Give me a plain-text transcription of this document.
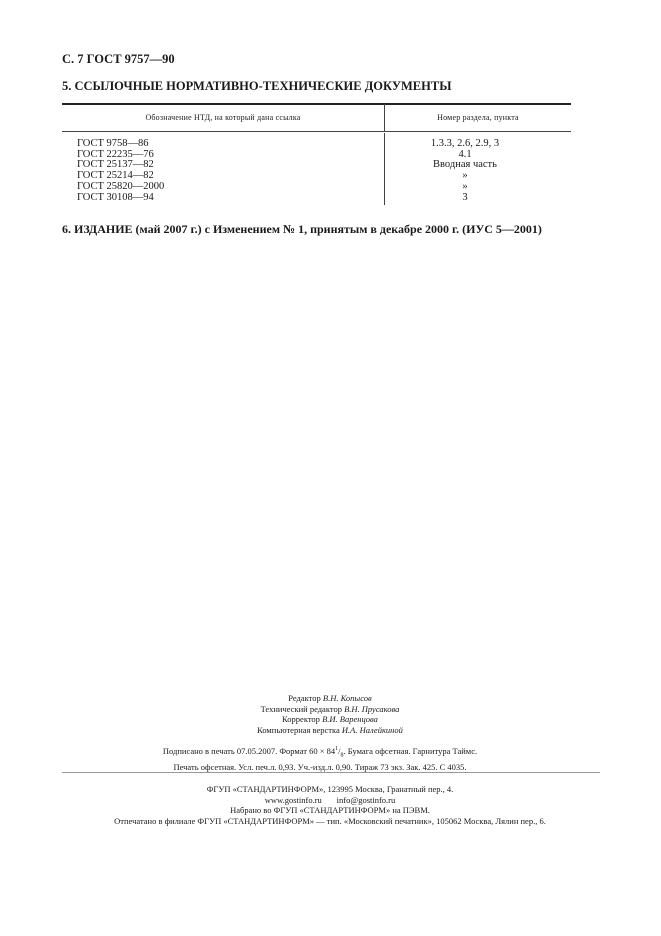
С. 7 ГОСТ 9757—90
5. ССЫЛОЧНЫЕ НОРМАТИВНО-ТЕХНИЧЕСКИЕ ДОКУМЕНТЫ
Обозначение НТД, на который дана ссылка	Номер раздела, пункта
ГОСТ 9758—86
ГОСТ 22235—76
ГОСТ 25137—82
ГОСТ 25214—82
ГОСТ 25820—2000
ГОСТ 30108—94
1.3.3, 2.6, 2.9, 3
4.1
Вводная часть
»
»
3
6. ИЗДАНИЕ (май 2007 г.) с Изменением № 1, принятым в декабре 2000 г. (ИУС 5—2001)
Редактор В.Н. Копысов
Технический редактор В.Н. Прусакова
Корректор В.И. Варенцова
Компьютерная верстка И.А. Налейкиной
Подписано в печать 07.05.2007. Формат $60 \times 84^1/_8$. Бумага офсетная. Гарнитура Таймс.
Печать офсетная. Усл. печ.л. 0,93. Уч.-изд.л. 0,90. Тираж 73 экз. Зак. 425. С 4035.
ФГУП «СТАНДАРТИНФОРМ», 123995 Москва, Гранатный пер., 4.
www.gostinfo.ru info@gostinfo.ru
Набрано во ФГУП «СТАНДАРТИНФОРМ» на ПЭВМ.
Отпечатано в филиале ФГУП «СТАНДАРТИНФОРМ» — тип. «Московский печатник», 105062 Москва, Лялин пер., 6.
